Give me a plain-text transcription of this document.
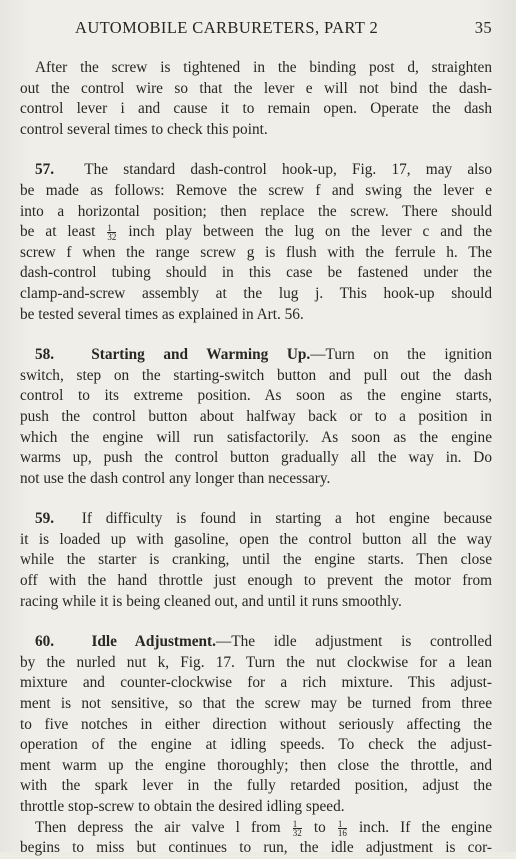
AUTOMOBILE CARBURETERS, PART 2	35
After the screw is tightened in the binding post d, straighten
out the control wire so that the lever e will not bind the dash-
control lever i and cause it to remain open. Operate the dash
control several times to check this point.
57. The standard dash-control hook-up, Fig. 17, may also
be made as follows: Remove the screw f and swing the lever e
into a horizontal position; then replace the screw. There should
be at least $\frac{1}{32}$ inch play between the lug on the lever c and the
screw f when the range screw g is flush with the ferrule h. The
dash-control tubing should in this case be fastened under the
clamp-and-screw assembly at the lug j. This hook-up should
be tested several times as explained in Art. 56.
58. Starting and Warming Up.—Turn on the ignition
switch, step on the starting-switch button and pull out the dash
control to its extreme position. As soon as the engine starts,
push the control button about halfway back or to a position in
which the engine will run satisfactorily. As soon as the engine
warms up, push the control button gradually all the way in. Do
not use the dash control any longer than necessary.
59. If difficulty is found in starting a hot engine because
it is loaded up with gasoline, open the control button all the way
while the starter is cranking, until the engine starts. Then close
off with the hand throttle just enough to prevent the motor from
racing while it is being cleaned out, and until it runs smoothly.
60. Idle Adjustment.—The idle adjustment is controlled
by the nurled nut k, Fig. 17. Turn the nut clockwise for a lean
mixture and counter-clockwise for a rich mixture. This adjust-
ment is not sensitive, so that the screw may be turned from three
to five notches in either direction without seriously affecting the
operation of the engine at idling speeds. To check the adjust-
ment warm up the engine thoroughly; then close the throttle, and
with the spark lever in the fully retarded position, adjust the
throttle stop-screw to obtain the desired idling speed.
Then depress the air valve l from $\frac{1}{32}$ to $\frac{1}{16}$ inch. If the engine
begins to miss but continues to run, the idle adjustment is cor-
